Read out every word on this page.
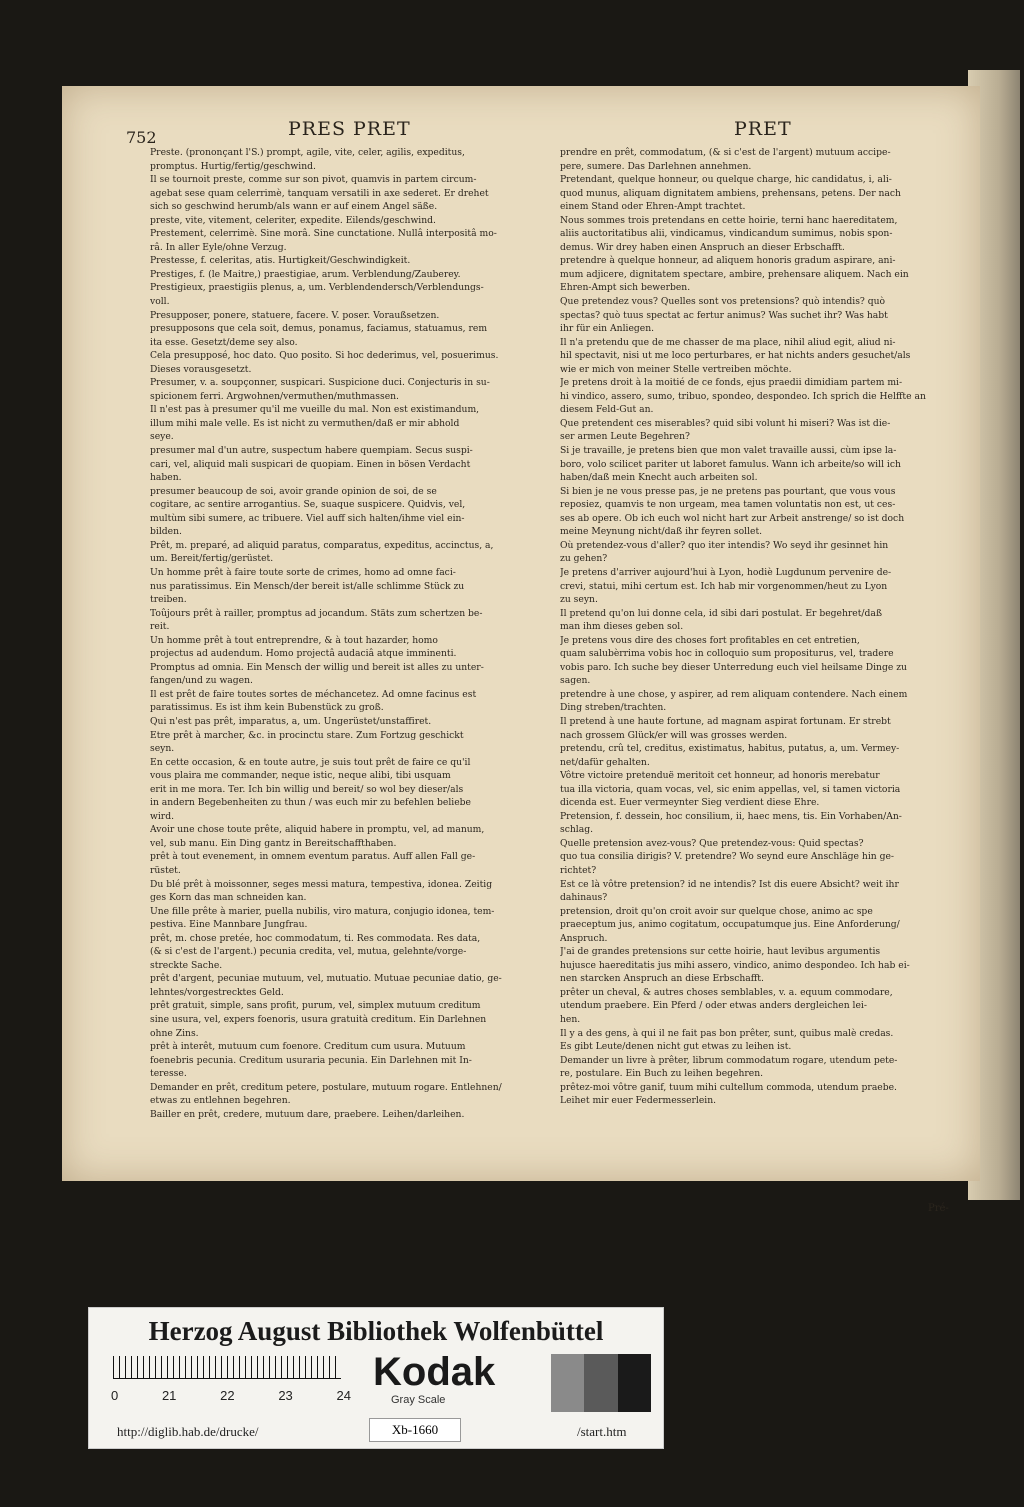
752	PRES PRET	PRET
Preste. (prononçant l'S.) prompt, agile, vite, celer, agilis, expeditus,
promptus. Hurtig/fertig/geschwind.
Il se tournoit preste, comme sur son pivot, quamvis in partem circum-
agebat sese quam celerrimè, tanquam versatili in axe sederet. Er drehet
sich so geschwind herumb/als wann er auf einem Angel säße.
preste, vite, vitement, celeriter, expedite. Eilends/geschwind.
Prestement, celerrimè. Sine morâ. Sine cunctatione. Nullâ interpositâ mo-
râ. In aller Eyle/ohne Verzug.
Prestesse, f. celeritas, atis. Hurtigkeit/Geschwindigkeit.
Prestiges, f. (le Maitre,) praestigiae, arum. Verblendung/Zauberey.
Prestigieux, praestigiis plenus, a, um. Verblendendersch/Verblendungs-
voll.
Presupposer, ponere, statuere, facere. V. poser. Voraußsetzen.
presupposons que cela soit, demus, ponamus, faciamus, statuamus, rem
ita esse. Gesetzt/deme sey also.
Cela presupposé, hoc dato. Quo posito. Si hoc dederimus, vel, posuerimus.
Dieses vorausgesetzt.
Presumer, v. a. soupçonner, suspicari. Suspicione duci. Conjecturis in su-
spicionem ferri. Argwohnen/vermuthen/muthmassen.
Il n'est pas à presumer qu'il me vueille du mal. Non est existimandum,
illum mihi male velle. Es ist nicht zu vermuthen/daß er mir abhold
seye.
presumer mal d'un autre, suspectum habere quempiam. Secus suspi-
cari, vel, aliquid mali suspicari de quopiam. Einen in bösen Verdacht
haben.
presumer beaucoup de soi, avoir grande opinion de soi, de se
cogitare, ac sentire arrogantius. Se, suaque suspicere. Quidvis, vel,
multùm sibi sumere, ac tribuere. Viel auff sich halten/ihme viel ein-
bilden.
Prêt, m. preparé, ad aliquid paratus, comparatus, expeditus, accinctus, a,
um. Bereit/fertig/gerüstet.
Un homme prêt à faire toute sorte de crimes, homo ad omne faci-
nus paratissimus. Ein Mensch/der bereit ist/alle schlimme Stück zu
treiben.
Toûjours prêt à railler, promptus ad jocandum. Stäts zum schertzen be-
reit.
Un homme prêt à tout entreprendre, & à tout hazarder, homo
projectus ad audendum. Homo projectâ audaciâ atque imminenti.
Promptus ad omnia. Ein Mensch der willig und bereit ist alles zu unter-
fangen/und zu wagen.
Il est prêt de faire toutes sortes de méchancetez. Ad omne facinus est
paratissimus. Es ist ihm kein Bubenstück zu groß.
Qui n'est pas prêt, imparatus, a, um. Ungerüstet/unstaffiret.
Etre prêt à marcher, &c. in procinctu stare. Zum Fortzug geschickt
seyn.
En cette occasion, & en toute autre, je suis tout prêt de faire ce qu'il
vous plaira me commander, neque istic, neque alibi, tibi usquam
erit in me mora. Ter. Ich bin willig und bereit/ so wol bey dieser/als
in andern Begebenheiten zu thun / was euch mir zu befehlen beliebe
wird.
Avoir une chose toute prête, aliquid habere in promptu, vel, ad manum,
vel, sub manu. Ein Ding gantz in Bereitschaffthaben.
prêt à tout evenement, in omnem eventum paratus. Auff allen Fall ge-
rüstet.
Du blé prêt à moissonner, seges messi matura, tempestiva, idonea. Zeitig
ges Korn das man schneiden kan.
Une fille prête à marier, puella nubilis, viro matura, conjugio idonea, tem-
pestiva. Eine Mannbare Jungfrau.
prêt, m. chose pretée, hoc commodatum, ti. Res commodata. Res data,
(& si c'est de l'argent.) pecunia credita, vel, mutua, gelehnte/vorge-
streckte Sache.
prêt d'argent, pecuniae mutuum, vel, mutuatio. Mutuae pecuniae datio, ge-
lehntes/vorgestrecktes Geld.
prêt gratuit, simple, sans profit, purum, vel, simplex mutuum creditum
sine usura, vel, expers foenoris, usura gratuità creditum. Ein Darlehnen
ohne Zins.
prêt à interêt, mutuum cum foenore. Creditum cum usura. Mutuum
foenebris pecunia. Creditum usuraria pecunia. Ein Darlehnen mit In-
teresse.
Demander en prêt, creditum petere, postulare, mutuum rogare. Entlehnen/
etwas zu entlehnen begehren.
Bailler en prêt, credere, mutuum dare, praebere. Leihen/darleihen.
prendre en prêt, commodatum, (& si c'est de l'argent) mutuum accipe-
pere, sumere. Das Darlehnen annehmen.
Pretendant, quelque honneur, ou quelque charge, hic candidatus, i, ali-
quod munus, aliquam dignitatem ambiens, prehensans, petens. Der nach
einem Stand oder Ehren-Ampt trachtet.
Nous sommes trois pretendans en cette hoirie, terni hanc haereditatem,
aliis auctoritatibus alii, vindicamus, vindicandum sumimus, nobis spon-
demus. Wir drey haben einen Anspruch an dieser Erbschafft.
pretendre à quelque honneur, ad aliquem honoris gradum aspirare, ani-
mum adjicere, dignitatem spectare, ambire, prehensare aliquem. Nach ein
Ehren-Ampt sich bewerben.
Que pretendez vous? Quelles sont vos pretensions? quò intendis? quò
spectas? quò tuus spectat ac fertur animus? Was suchet ihr? Was habt
ihr für ein Anliegen.
Il n'a pretendu que de me chasser de ma place, nihil aliud egit, aliud ni-
hil spectavit, nisi ut me loco perturbares, er hat nichts anders gesuchet/als
wie er mich von meiner Stelle vertreiben möchte.
Je pretens droit à la moitié de ce fonds, ejus praedii dimidiam partem mi-
hi vindico, assero, sumo, tribuo, spondeo, despondeo. Ich sprich die Helffte an
diesem Feld-Gut an.
Que pretendent ces miserables? quid sibi volunt hi miseri? Was ist die-
ser armen Leute Begehren?
Si je travaille, je pretens bien que mon valet travaille aussi, cùm ipse la-
boro, volo scilicet pariter ut laboret famulus. Wann ich arbeite/so will ich
haben/daß mein Knecht auch arbeiten sol.
Si bien je ne vous presse pas, je ne pretens pas pourtant, que vous vous
reposiez, quamvis te non urgeam, mea tamen voluntatis non est, ut ces-
ses ab opere. Ob ich euch wol nicht hart zur Arbeit anstrenge/ so ist doch
meine Meynung nicht/daß ihr feyren sollet.
Où pretendez-vous d'aller? quo iter intendis? Wo seyd ihr gesinnet hin
zu gehen?
Je pretens d'arriver aujourd'hui à Lyon, hodiè Lugdunum pervenire de-
crevi, statui, mihi certum est. Ich hab mir vorgenommen/heut zu Lyon
zu seyn.
Il pretend qu'on lui donne cela, id sibi dari postulat. Er begehret/daß
man ihm dieses geben sol.
Je pretens vous dire des choses fort profitables en cet entretien,
quam salubèrrima vobis hoc in colloquio sum propositurus, vel, tradere
vobis paro. Ich suche bey dieser Unterredung euch viel heilsame Dinge zu
sagen.
pretendre à une chose, y aspirer, ad rem aliquam contendere. Nach einem
Ding streben/trachten.
Il pretend à une haute fortune, ad magnam aspirat fortunam. Er strebt
nach grossem Glück/er will was grosses werden.
pretendu, crû tel, creditus, existimatus, habitus, putatus, a, um. Vermey-
net/dafür gehalten.
Vôtre victoire pretenduë meritoit cet honneur, ad honoris merebatur
tua illa victoria, quam vocas, vel, sic enim appellas, vel, si tamen victoria
dicenda est. Euer vermeynter Sieg verdient diese Ehre.
Pretension, f. dessein, hoc consilium, ii, haec mens, tis. Ein Vorhaben/An-
schlag.
Quelle pretension avez-vous? Que pretendez-vous: Quid spectas?
quo tua consilia dirigis? V. pretendre? Wo seynd eure Anschläge hin ge-
richtet?
Est ce là vôtre pretension? id ne intendis? Ist dis euere Absicht? weit ihr
dahinaus?
pretension, droit qu'on croit avoir sur quelque chose, animo ac spe
praeceptum jus, animo cogitatum, occupatumque jus. Eine Anforderung/
Anspruch.
J'ai de grandes pretensions sur cette hoirie, haut levibus argumentis
hujusce haereditatis jus mihi assero, vindico, animo despondeo. Ich hab ei-
nen starcken Anspruch an diese Erbschafft.
prêter un cheval, & autres choses semblables, v. a. equum commodare,
utendum praebere. Ein Pferd / oder etwas anders dergleichen lei-
hen.
Il y a des gens, à qui il ne fait pas bon prêter, sunt, quibus malè credas.
Es gibt Leute/denen nicht gut etwas zu leihen ist.
Demander un livre à prêter, librum commodatum rogare, utendum pete-
re, postulare. Ein Buch zu leihen begehren.
prêtez-moi vôtre ganif, tuum mihi cultellum commoda, utendum praebe.
Leihet mir euer Federmesserlein.
Pré-
Herzog August Bibliothek Wolfenbüttel
0	21	22	23	24
Kodak
Gray Scale
http://diglib.hab.de/drucke/	Xb-1660	/start.htm
